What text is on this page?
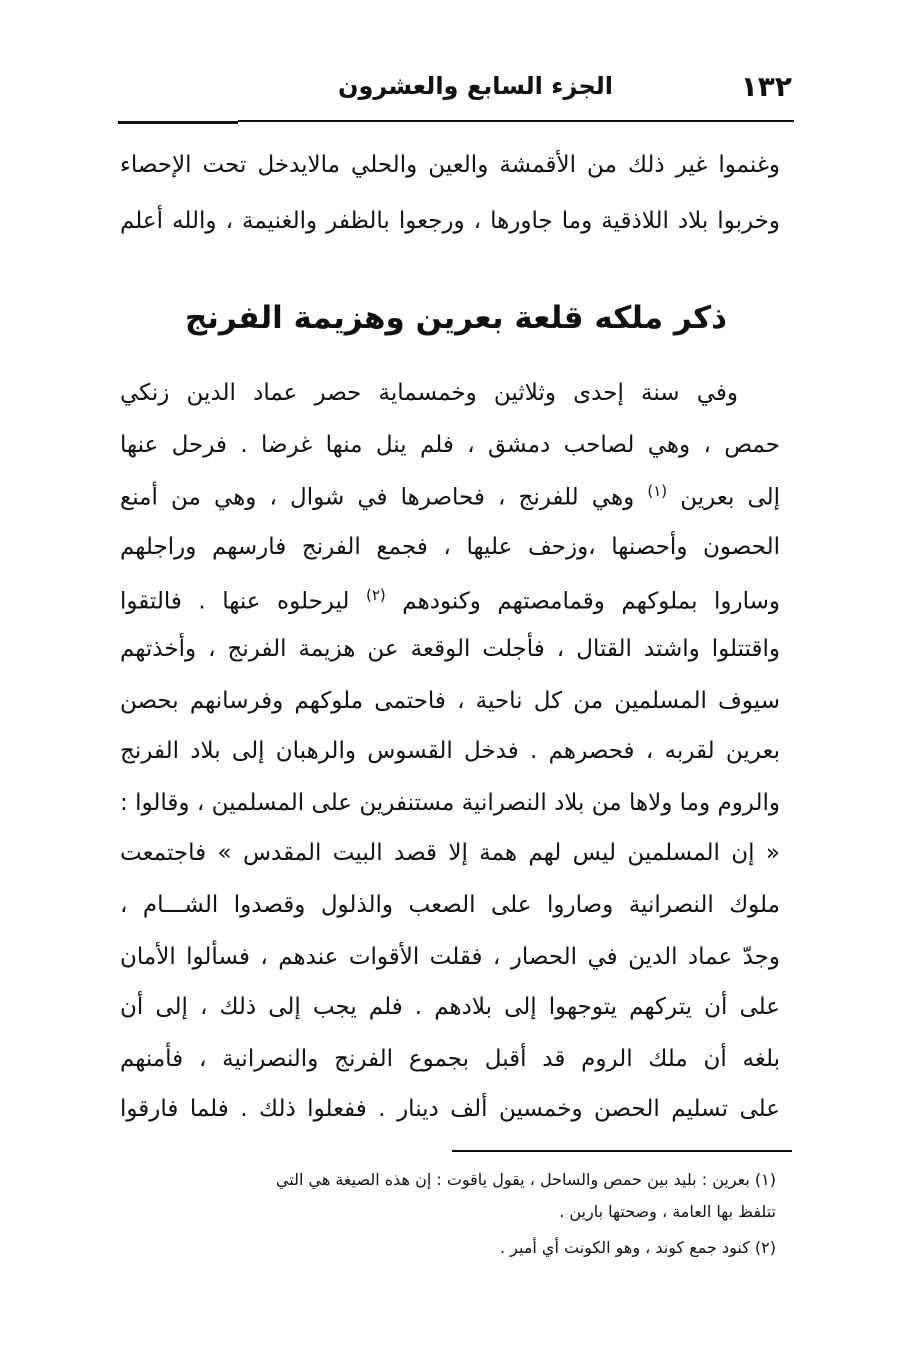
١٣٢
الجزء السابع والعشرون
وغنموا غير ذلك من الأقمشة والعين والحلي مالايدخل تحت الإحصاء
وخربوا بلاد اللاذقية وما جاورها ، ورجعوا بالظفر والغنيمة ، والله أعلم
ذكر ملكه قلعة بعرين وهزيمة الفرنج
وفي سنة إحدى وثلاثين وخمسماية حصر عماد الدين زنكي
حمص ، وهي لصاحب دمشق ، فلم ينل منها غرضا . فرحل عنها
إلى بعرين $^{(١)}$ وهي للفرنج ، فحاصرها في شوال ، وهي من أمنع
الحصون وأحصنها ،وزحف عليها ، فجمع الفرنج فارسهم وراجلهم
وساروا بملوكهم وقمامصتهم وكنودهم $^{(٢)}$ ليرحلوه عنها . فالتقوا
واقتتلوا واشتد القتال ، فأجلت الوقعة عن هزيمة الفرنج ، وأخذتهم
سيوف المسلمين من كل ناحية ، فاحتمى ملوكهم وفرسانهم بحصن
بعرين لقربه ، فحصرهم . فدخل القسوس والرهبان إلى بلاد الفرنج
والروم وما ولاها من بلاد النصرانية مستنفرين على المسلمين ، وقالوا :
« إن المسلمين ليس لهم همة إلا قصد البيت المقدس » فاجتمعت
ملوك النصرانية وصاروا على الصعب والذلول وقصدوا الشـــام ،
وجدّ عماد الدين في الحصار ، فقلت الأقوات عندهم ، فسألوا الأمان
على أن يتركهم يتوجهوا إلى بلادهم . فلم يجب إلى ذلك ، إلى أن
بلغه أن ملك الروم قد أقبل بجموع الفرنج والنصرانية ، فأمنهم
على تسليم الحصن وخمسين ألف دينار . ففعلوا ذلك . فلما فارقوا
(١) بعرين : بليد بين حمص والساحل ، يقول ياقوت : إن هذه الصيغة هي التي
تتلفظ بها العامة ، وصحتها بارين .
(٢) كنود جمع كوند ، وهو الكونت أي أمير .
